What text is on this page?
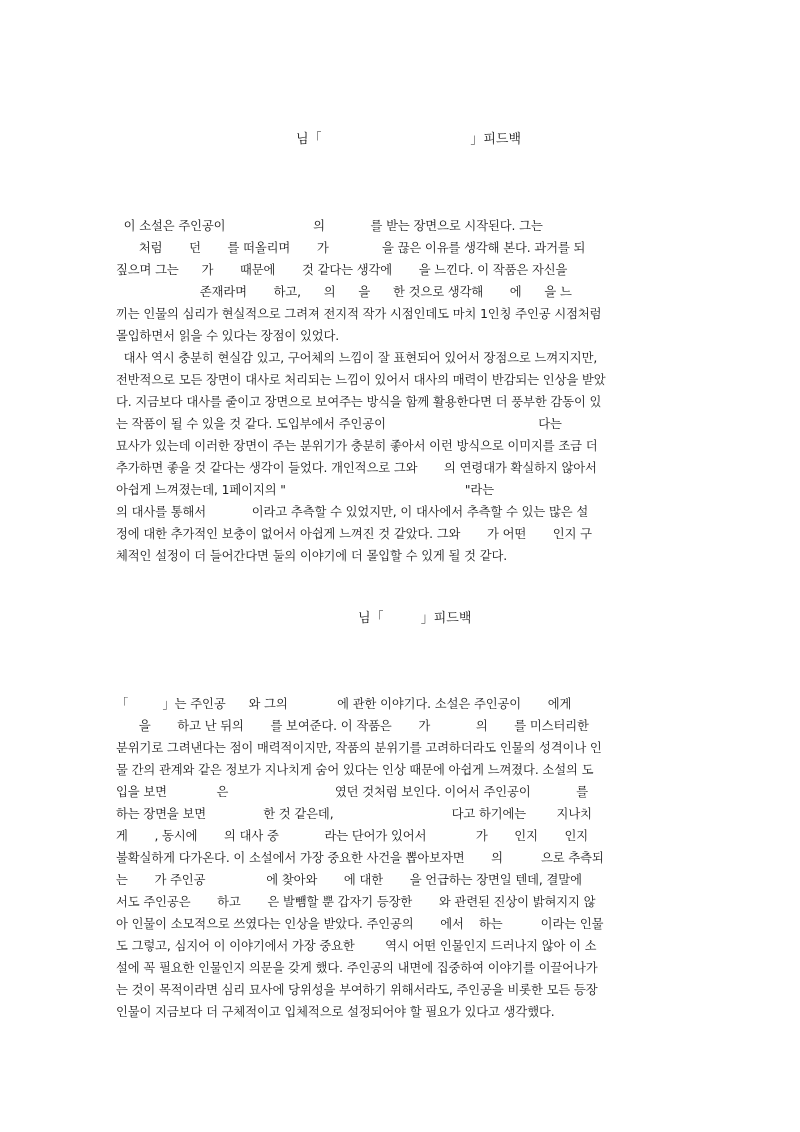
님「                                    」피드백
이 소설은 주인공이                       의            를 받는 장면으로 시작된다. 그는
처럼       던       를 떠올리며       가              을 끊은 이유를 생각해 본다. 과거를 되
짚으며 그는      가       때문에       것 같다는 생각에       을 느낀다. 이 작품은 자신을
존재라며       하고,      의      을      한 것으로 생각해       에      을 느
끼는 인물의 심리가 현실적으로 그려져 전지적 작가 시점인데도 마치 1인칭 주인공 시점처럼
몰입하면서 읽을 수 있다는 장점이 있었다.
대사 역시 충분히 현실감 있고, 구어체의 느낌이 잘 표현되어 있어서 장점으로 느껴지지만,
전반적으로 모든 장면이 대사로 처리되는 느낌이 있어서 대사의 매력이 반감되는 인상을 받았
다. 지금보다 대사를 줄이고 장면으로 보여주는 방식을 함께 활용한다면 더 풍부한 감동이 있
는 작품이 될 수 있을 것 같다. 도입부에서 주인공이                                        다는
묘사가 있는데 이러한 장면이 주는 분위기가 충분히 좋아서 이런 방식으로 이미지를 조금 더
추가하면 좋을 것 같다는 생각이 들었다. 개인적으로 그와       의 연령대가 확실하지 않아서
아쉽게 느껴졌는데, 1페이지의 "                                               "라는
의 대사를 통해서            이라고 추측할 수 있었지만, 이 대사에서 추측할 수 있는 많은 설
정에 대한 추가적인 보충이 없어서 아쉽게 느껴진 것 같았다. 그와       가 어떤       인지 구
체적인 설정이 더 들어간다면 둘의 이야기에 더 몰입할 수 있게 될 것 같다.
님「         」피드백
「         」는 주인공      와 그의             에 관한 이야기다. 소설은 주인공이       에게
을       하고 난 뒤의       를 보여준다. 이 작품은       가            의       를 미스터리한
분위기로 그려낸다는 점이 매력적이지만, 작품의 분위기를 고려하더라도 인물의 성격이나 인
물 간의 관계와 같은 정보가 지나치게 숨어 있다는 인상 때문에 아쉽게 느껴졌다. 소설의 도
입을 보면             은                            였던 것처럼 보인다. 이어서 주인공이            를
하는 장면을 보면               한 것 같은데,                               다고 하기에는        지나치
게       , 동시에       의 대사 중            라는 단어가 있어서             가       인지       인지
불확실하게 다가온다. 이 소설에서 가장 중요한 사건을 뽑아보자면       의          으로 추측되
는       가 주인공                에 찾아와       에 대한       을 언급하는 장면일 텐데, 결말에
서도 주인공은       하고       은 발뺌할 뿐 갑자기 등장한       와 관련된 진상이 밝혀지지 않
아 인물이 소모적으로 쓰였다는 인상을 받았다. 주인공의       에서    하는          이라는 인물
도 그렇고, 심지어 이 이야기에서 가장 중요한        역시 어떤 인물인지 드러나지 않아 이 소
설에 꼭 필요한 인물인지 의문을 갖게 했다. 주인공의 내면에 집중하여 이야기를 이끌어나가
는 것이 목적이라면 심리 묘사에 당위성을 부여하기 위해서라도, 주인공을 비롯한 모든 등장
인물이 지금보다 더 구체적이고 입체적으로 설정되어야 할 필요가 있다고 생각했다.
